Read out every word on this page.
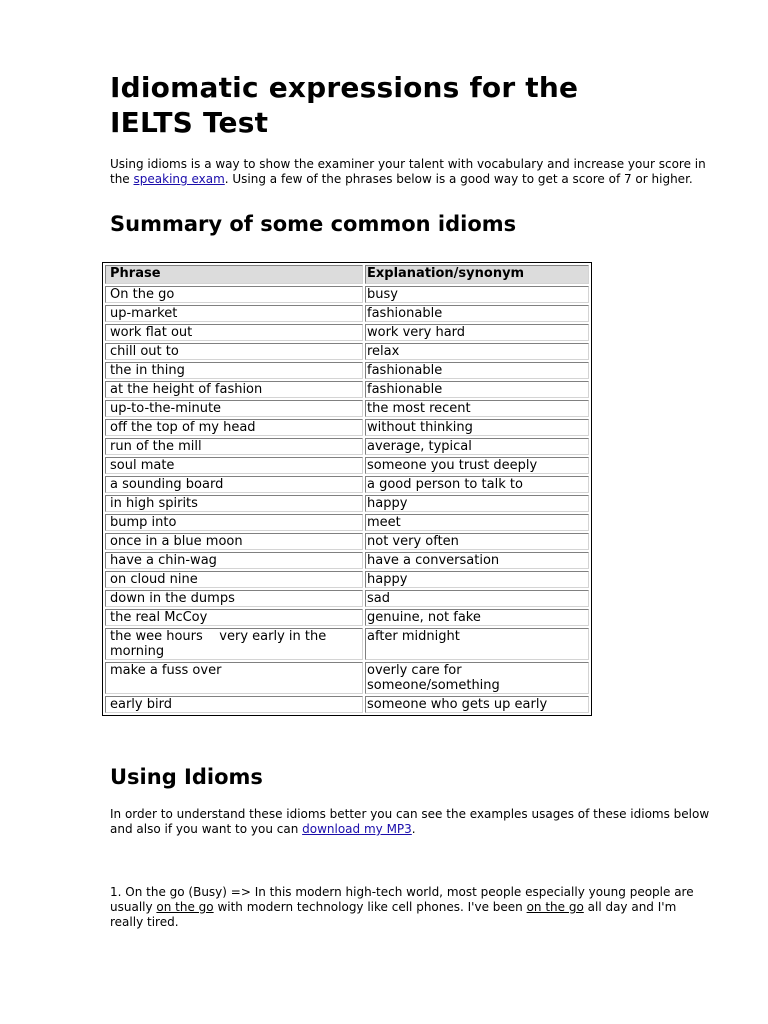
Idiomatic expressions for the
IELTS Test

Using idioms is a way to show the examiner your talent with vocabulary and increase your score in the speaking exam. Using a few of the phrases below is a good way to get a score of 7 or higher.

Summary of some common idioms
Phrase	Explanation/synonym
On the go	busy
up-market	fashionable
work flat out	work very hard
chill out to	relax
the in thing	fashionable
at the height of fashion	fashionable
up-to-the-minute	the most recent
off the top of my head	without thinking
run of the mill	average, typical
soul mate	someone you trust deeply
a sounding board	a good person to talk to
in high spirits	happy
bump into	meet
once in a blue moon	not very often
have a chin-wag	have a conversation
on cloud nine	happy
down in the dumps	sad
the real McCoy	genuine, not fake
the wee hours    very early in the morning	after midnight
make a fuss over	overly care for someone/something
early bird	someone who gets up early
Using Idioms

In order to understand these idioms better you can see the examples usages of these idioms below and also if you want to you can download my MP3.

1. On the go (Busy) => In this modern high-tech world, most people especially young people are usually on the go with modern technology like cell phones. I've been on the go all day and I'm really tired.
